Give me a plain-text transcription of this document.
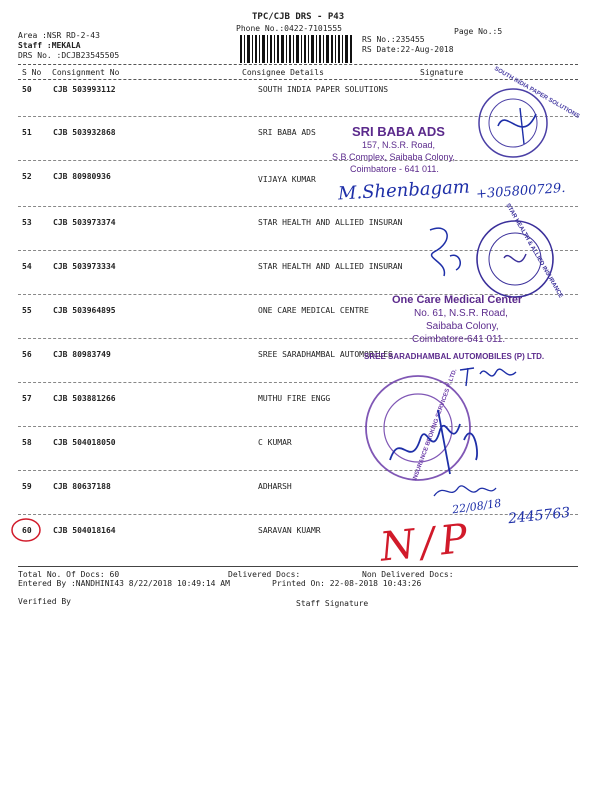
TPC/CJB DRS - P43
Phone No.:0422-7101555	Page No.:5
Area :NSR RD-2-43
Staff :MEKALA
DRS No. :DCJB23545505
RS No.:235455
RS Date:22-Aug-2018
S No Consignment No	Consignee Details	Signature
50	CJB 503993112	SOUTH INDIA PAPER SOLUTIONS
51	CJB 503932868	SRI BABA ADS
52	CJB 80980936	VIJAYA KUMAR
53	CJB 503973374	STAR HEALTH AND ALLIED INSURAN
54	CJB 503973334	STAR HEALTH AND ALLIED INSURAN
55	CJB 503964895	ONE CARE MEDICAL CENTRE
56	CJB 80983749	SREE SARADHAMBAL AUTOMOBILES
57	CJB 503881266	MUTHU FIRE ENGG
58	CJB 504018050	C KUMAR
59	CJB 80637188	ADHARSH
60	CJB 504018164	SARAVAN KUAMR
Total No. Of Docs: 60	Delivered Docs:	Non Delivered Docs:
Entered By :NANDHINI43 8/22/2018 10:49:14 AM	Printed On: 22-08-2018 10:43:26
Verified By	Staff Signature
SOUTH INDIA PAPER SOLUTIONS
SRI BABA ADS
157, N.S.R. Road,
S.B.Complex, Saibaba Colony,
Coimbatore - 641 011.
M.Shenbagam +305800729.
STAR HEALTH & ALLIED INSURANCE
One Care Medical Center
No. 61, N.S.R. Road,
Saibaba Colony,
Coimbatore-641 011.
SREE SARADHAMBAL AUTOMOBILES (P) LTD.
INSURANCE BROKING SERVICES P. LTD.
22/08/18 2445763
N/P
